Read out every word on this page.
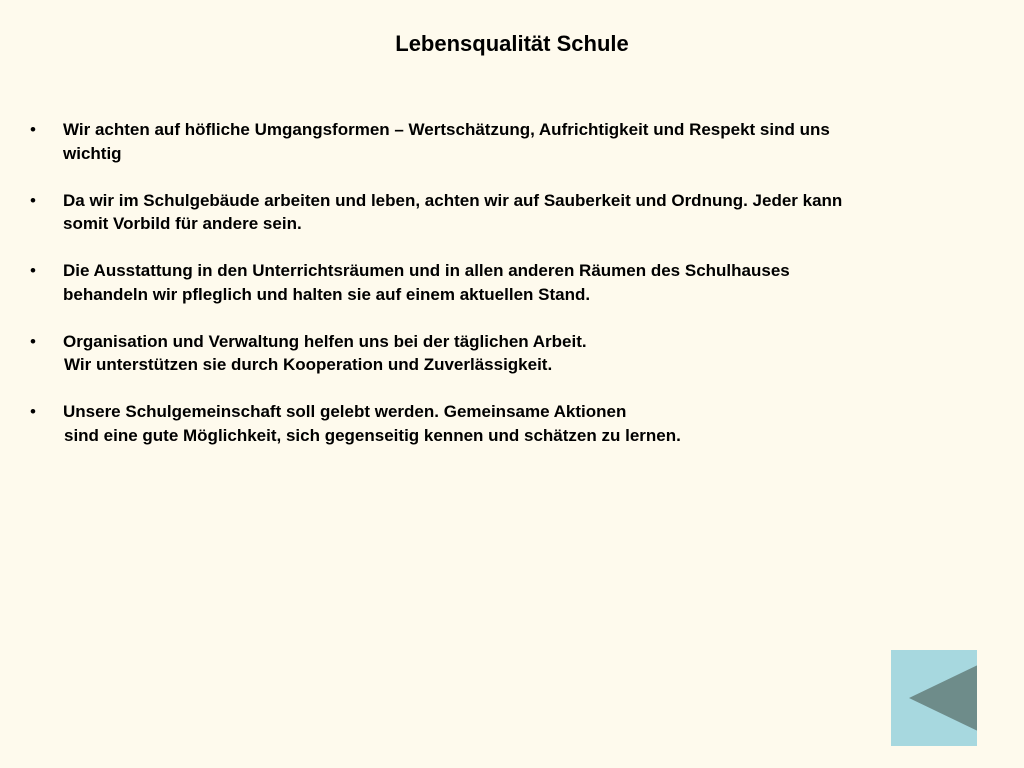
Lebensqualität Schule
• Wir achten auf höfliche Umgangsformen – Wertschätzung, Aufrichtigkeit und Respekt sind uns
wichtig
• Da wir im Schulgebäude arbeiten und leben, achten wir auf Sauberkeit und Ordnung. Jeder kann
somit Vorbild für andere sein.
• Die Ausstattung in den Unterrichtsräumen und in allen anderen Räumen des Schulhauses
behandeln wir pfleglich und halten sie auf einem aktuellen Stand.
• Organisation und Verwaltung helfen uns bei der täglichen Arbeit.
Wir unterstützen sie durch Kooperation und Zuverlässigkeit.
• Unsere Schulgemeinschaft soll gelebt werden. Gemeinsame Aktionen
sind eine gute Möglichkeit, sich gegenseitig kennen und schätzen zu lernen.
